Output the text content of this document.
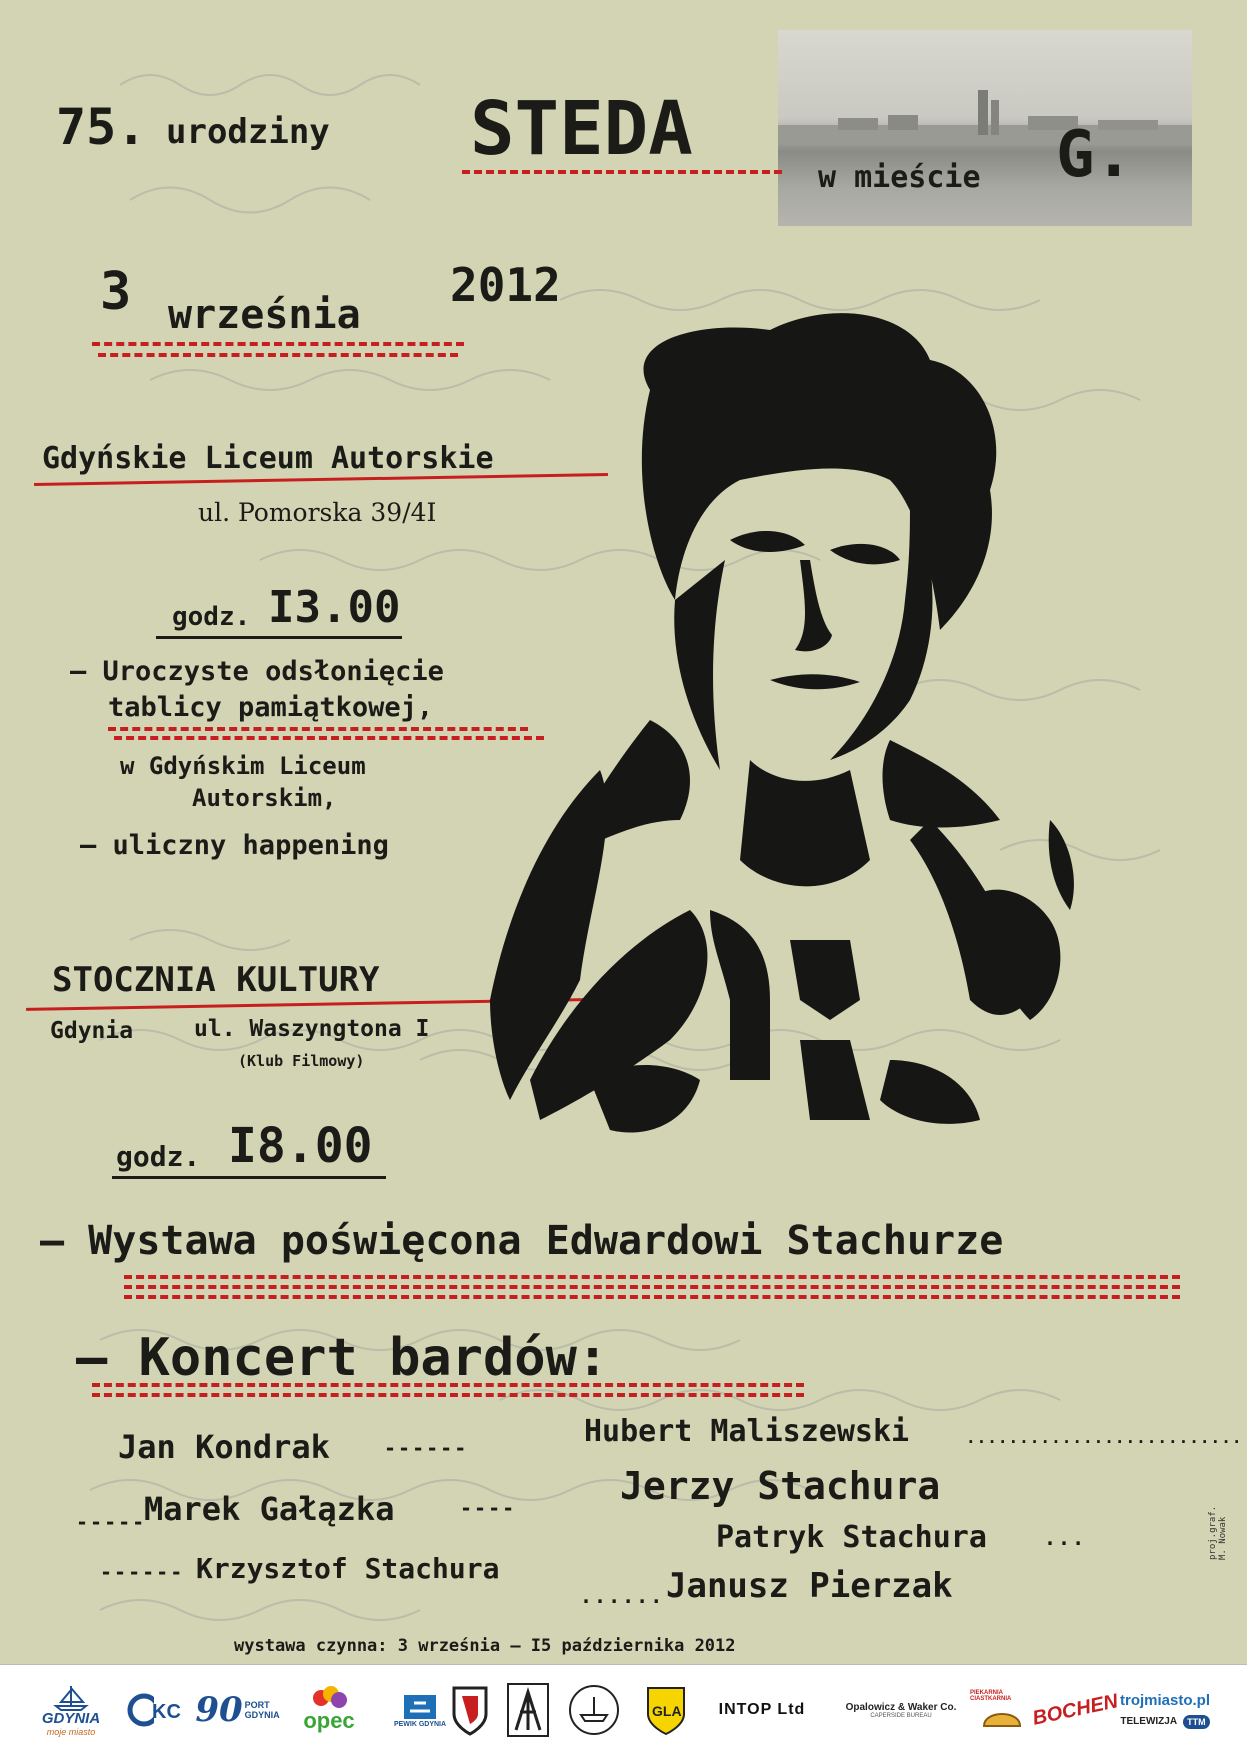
75. urodziny STEDA
w mieście G.
3 września
2012
Gdyńskie Liceum Autorskie
ul. Pomorska 39/4I
godz. I3.00
– Uroczyste odsłonięcie
tablicy pamiątkowej,
w Gdyńskim Liceum
Autorskim,
– uliczny happening
STOCZNIA KULTURY
Gdynia	ul. Waszyngtona I
(Klub Filmowy)
godz. I8.00
– Wystawa poświęcona Edwardowi Stachurze
– Koncert bardów:
Jan Kondrak	------
-----
Marek Gałązka	----
------ Krzysztof Stachura
Hubert Maliszewski	..........................
Jerzy Stachura
Patryk Stachura	...
...... Janusz Pierzak
wystawa czynna: 3 września – I5 października 2012
proj.graf. M. Nowak
GDYNIA
moje miasto
KC 90 PORT GDYNIA opec	PEWIK GDYNIA
GLA INTOP Ltd	Opalowicz & Waker Co.
CAPERSIDE BUREAU
PIEKARNIA CIASTKARNIA BOCHEN trojmiasto.pl
TELEWIZJA	TTM
